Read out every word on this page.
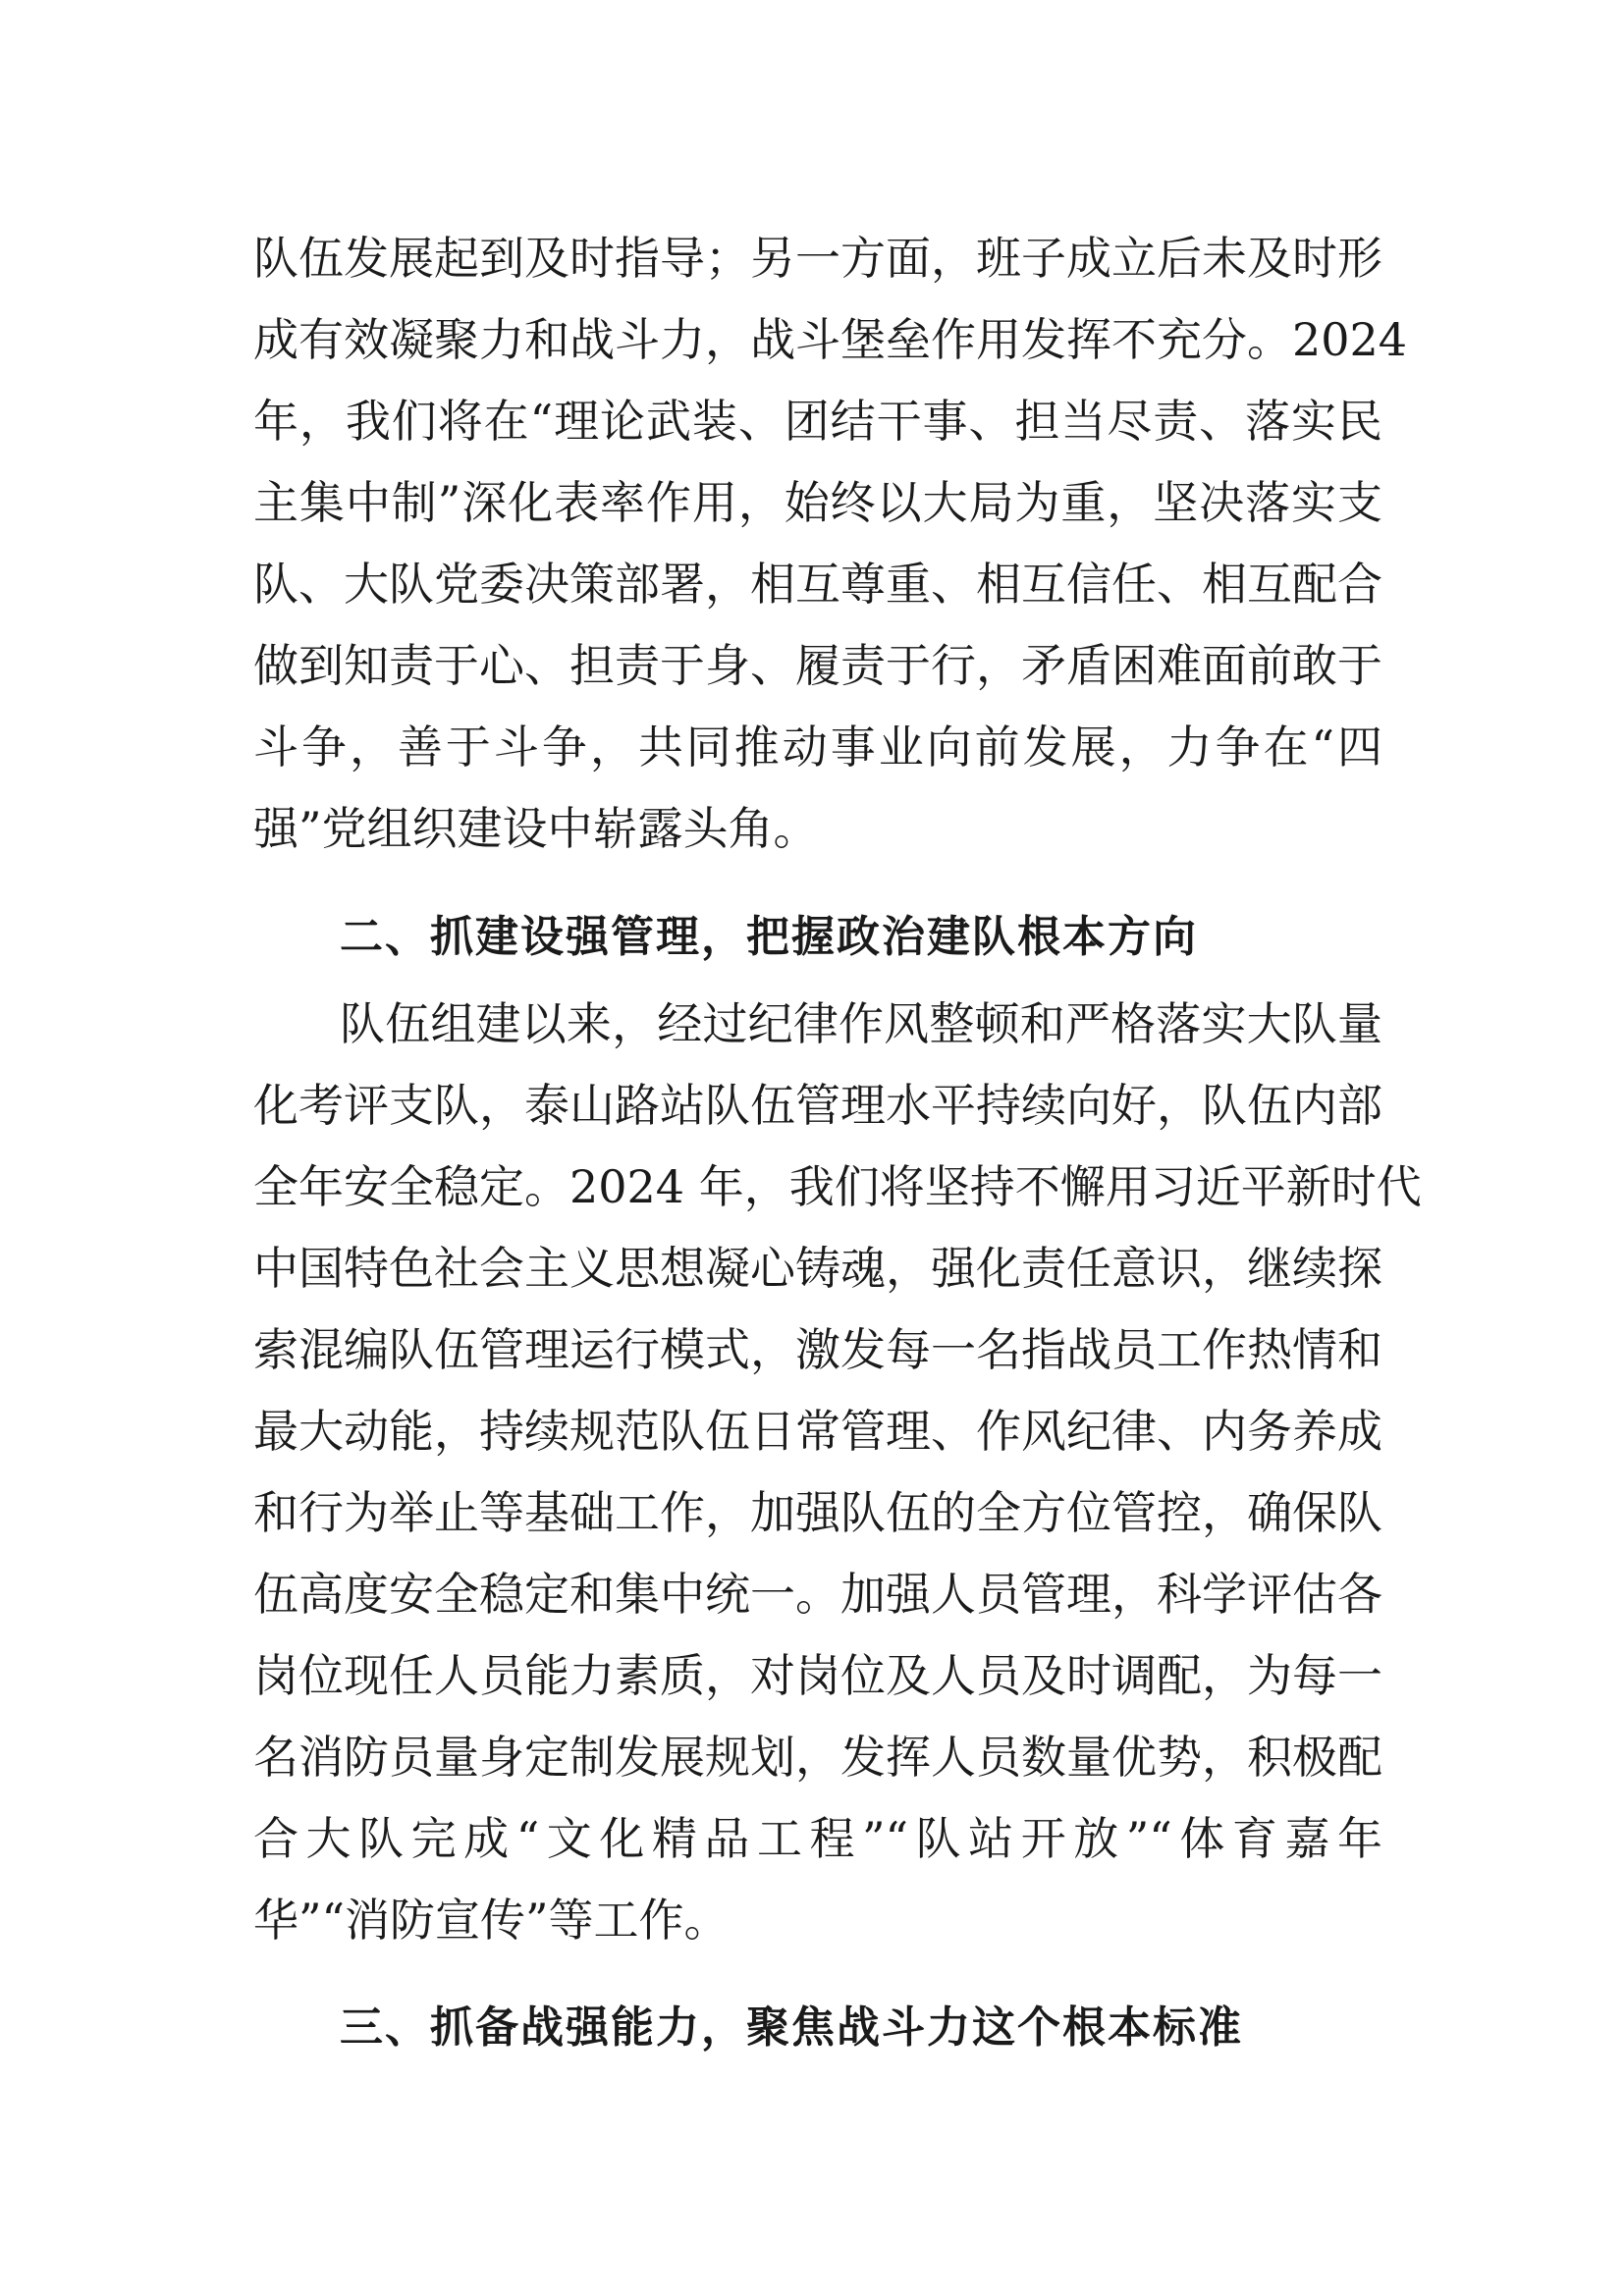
队伍发展起到及时指导；另一方面，班子成立后未及时形
成有效凝聚力和战斗力，战斗堡垒作用发挥不充分。2024
年，我们将在“理论武装、团结干事、担当尽责、落实民
主集中制”深化表率作用，始终以大局为重，坚决落实支
队、大队党委决策部署，相互尊重、相互信任、相互配合
做到知责于心、担责于身、履责于行，矛盾困难面前敢于
斗争，善于斗争，共同推动事业向前发展，力争在“四
强”党组织建设中崭露头角。
二、抓建设强管理，把握政治建队根本方向
队伍组建以来，经过纪律作风整顿和严格落实大队量
化考评支队，泰山路站队伍管理水平持续向好，队伍内部
全年安全稳定。2024 年，我们将坚持不懈用习近平新时代
中国特色社会主义思想凝心铸魂，强化责任意识，继续探
索混编队伍管理运行模式，激发每一名指战员工作热情和
最大动能，持续规范队伍日常管理、作风纪律、内务养成
和行为举止等基础工作，加强队伍的全方位管控，确保队
伍高度安全稳定和集中统一。加强人员管理，科学评估各
岗位现任人员能力素质，对岗位及人员及时调配，为每一
名消防员量身定制发展规划，发挥人员数量优势，积极配
合大队完成“文化精品工程”“队站开放”“体育嘉年
华”“消防宣传”等工作。
三、抓备战强能力，聚焦战斗力这个根本标准
